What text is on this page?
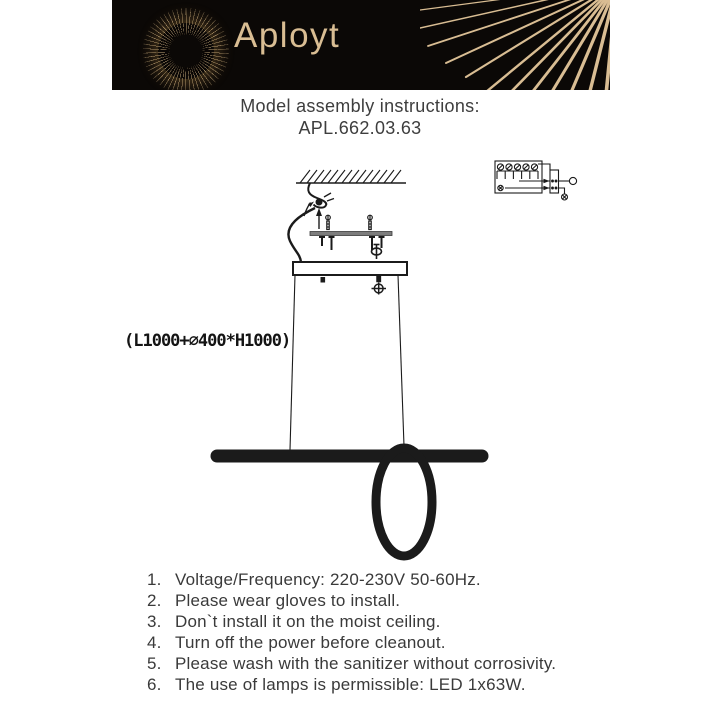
Aployt
Model assembly instructions:
APL.662.03.63
(L1000+⌀400*H1000)
1. Voltage/Frequency: 220-230V 50-60Hz.
2. Please wear gloves to install.
3. Don`t install it on the moist ceiling.
4. Turn off the power before cleanout.
5. Please wash with the sanitizer without corrosivity.
6. The use of lamps is permissible: LED 1x63W.
